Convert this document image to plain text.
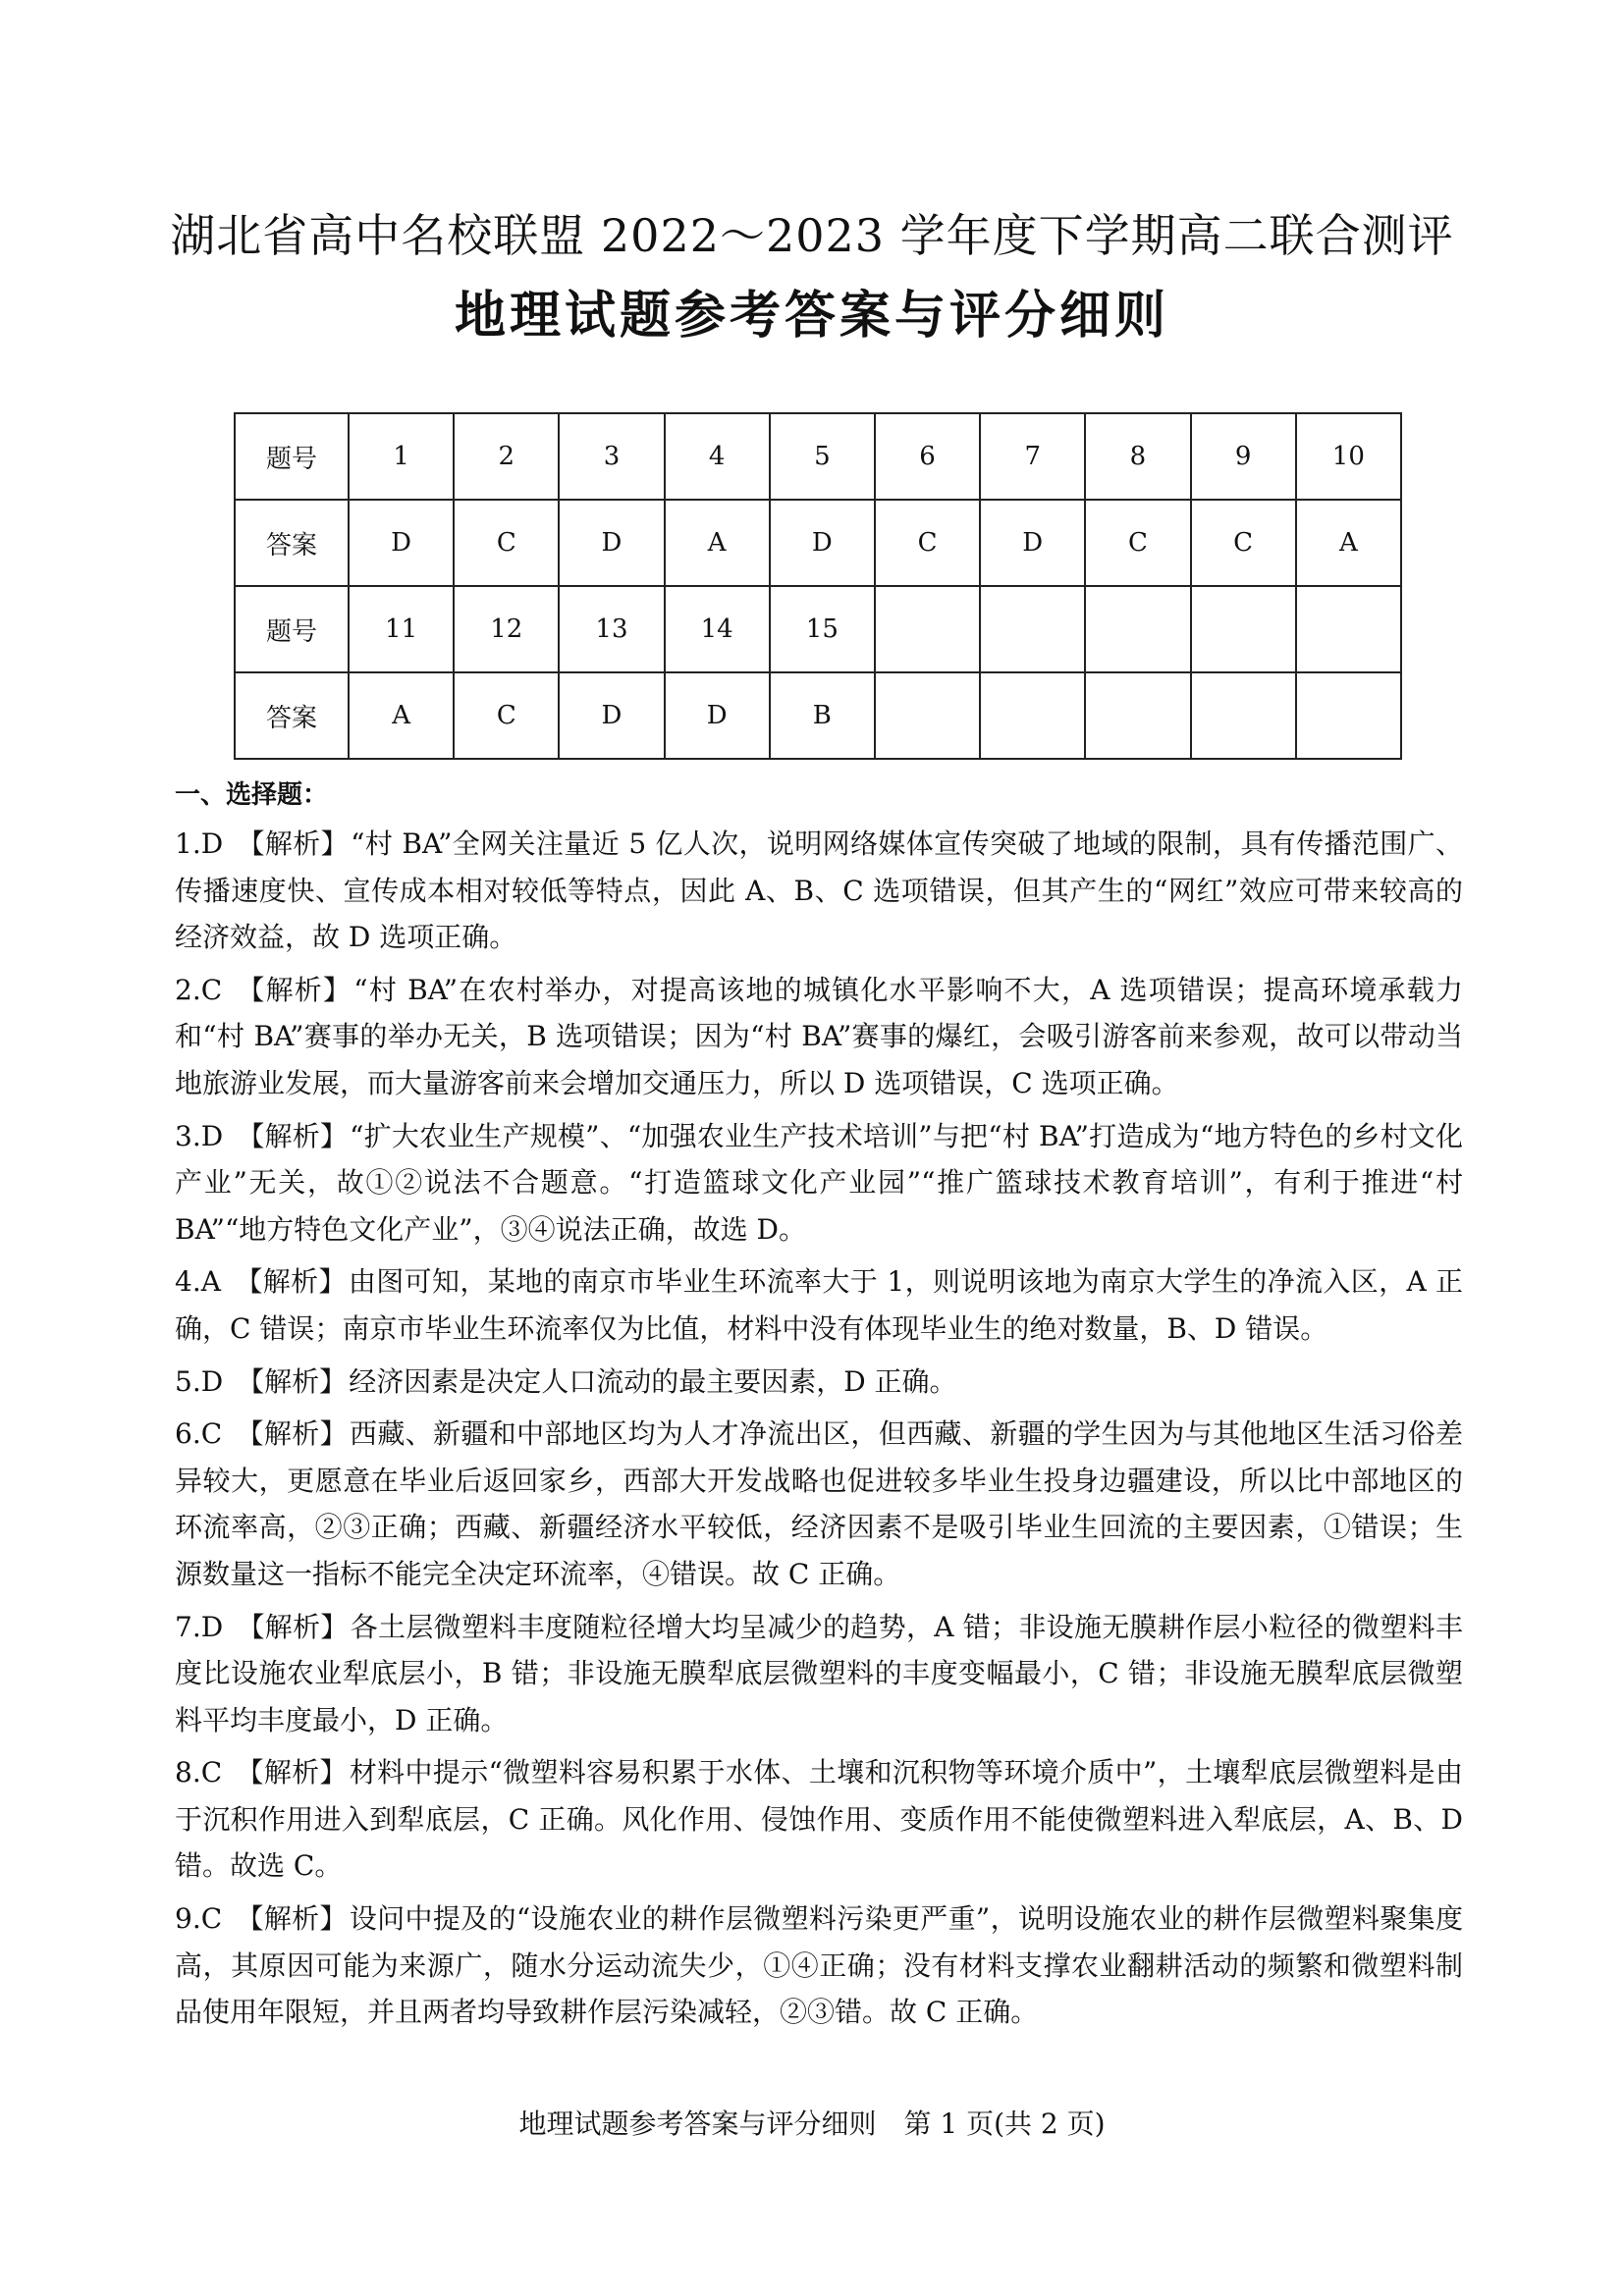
湖北省高中名校联盟 2022～2023 学年度下学期高二联合测评
地理试题参考答案与评分细则
题号	1	2	3	4	5	6	7	8	9	10
答案	D	C	D	A	D	C	D	C	C	A
题号	11	12	13	14	15					
答案	A	C	D	D	B					
一、选择题：
1.D 【解析】“村 BA”全网关注量近 5 亿人次，说明网络媒体宣传突破了地域的限制，具有传播范围广、传播速度快、宣传成本相对较低等特点，因此 A、B、C 选项错误，但其产生的“网红”效应可带来较高的经济效益，故 D 选项正确。
2.C 【解析】“村 BA”在农村举办，对提高该地的城镇化水平影响不大，A 选项错误；提高环境承载力和“村 BA”赛事的举办无关，B 选项错误；因为“村 BA”赛事的爆红，会吸引游客前来参观，故可以带动当地旅游业发展，而大量游客前来会增加交通压力，所以 D 选项错误，C 选项正确。
3.D 【解析】“扩大农业生产规模”、“加强农业生产技术培训”与把“村 BA”打造成为“地方特色的乡村文化产业”无关，故①②说法不合题意。“打造篮球文化产业园”“推广篮球技术教育培训”，有利于推进“村 BA”“地方特色文化产业”，③④说法正确，故选 D。
4.A 【解析】由图可知，某地的南京市毕业生环流率大于 1，则说明该地为南京大学生的净流入区，A 正确，C 错误；南京市毕业生环流率仅为比值，材料中没有体现毕业生的绝对数量，B、D 错误。
5.D 【解析】经济因素是决定人口流动的最主要因素，D 正确。
6.C 【解析】西藏、新疆和中部地区均为人才净流出区，但西藏、新疆的学生因为与其他地区生活习俗差异较大，更愿意在毕业后返回家乡，西部大开发战略也促进较多毕业生投身边疆建设，所以比中部地区的环流率高，②③正确；西藏、新疆经济水平较低，经济因素不是吸引毕业生回流的主要因素，①错误；生源数量这一指标不能完全决定环流率，④错误。故 C 正确。
7.D 【解析】各土层微塑料丰度随粒径增大均呈减少的趋势，A 错；非设施无膜耕作层小粒径的微塑料丰度比设施农业犁底层小，B 错；非设施无膜犁底层微塑料的丰度变幅最小，C 错；非设施无膜犁底层微塑料平均丰度最小，D 正确。
8.C 【解析】材料中提示“微塑料容易积累于水体、土壤和沉积物等环境介质中”，土壤犁底层微塑料是由于沉积作用进入到犁底层，C 正确。风化作用、侵蚀作用、变质作用不能使微塑料进入犁底层，A、B、D 错。故选 C。
9.C 【解析】设问中提及的“设施农业的耕作层微塑料污染更严重”，说明设施农业的耕作层微塑料聚集度高，其原因可能为来源广，随水分运动流失少，①④正确；没有材料支撑农业翻耕活动的频繁和微塑料制品使用年限短，并且两者均导致耕作层污染减轻，②③错。故 C 正确。
地理试题参考答案与评分细则　第 1 页(共 2 页)
